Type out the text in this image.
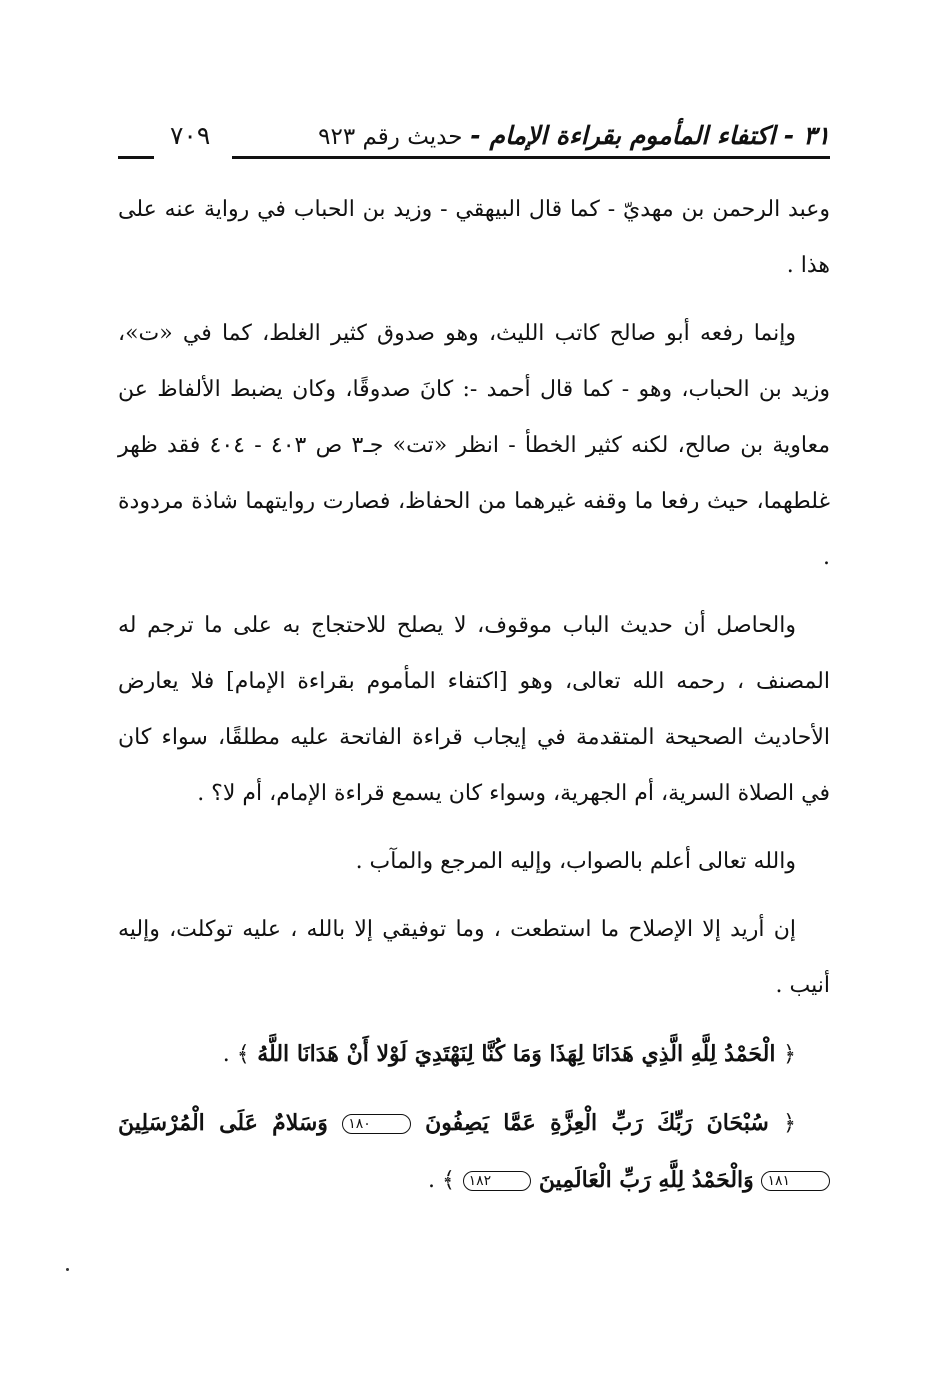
٣١ - اكتفاء المأموم بقراءة الإمام - حديث رقم ٩٢٣
٧٠٩

وعبد الرحمن بن مهديّ - كما قال البيهقي - وزيد بن الحباب في رواية عنه على هذا .

وإنما رفعه أبو صالح كاتب الليث، وهو صدوق كثير الغلط، كما في «ت»، وزيد بن الحباب، وهو - كما قال أحمد -: كانَ صدوقًا، وكان يضبط الألفاظ عن معاوية بن صالح، لكنه كثير الخطأ - انظر «تت» جـ٣ ص ٤٠٣ - ٤٠٤ فقد ظهر غلطهما، حيث رفعا ما وقفه غيرهما من الحفاظ، فصارت روايتهما شاذة مردودة .

والحاصل أن حديث الباب موقوف، لا يصلح للاحتجاج به على ما ترجم له المصنف ، رحمه الله تعالى، وهو [اكتفاء المأموم بقراءة الإمام] فلا يعارض الأحاديث الصحيحة المتقدمة في إيجاب قراءة الفاتحة عليه مطلقًا، سواء كان في الصلاة السرية، أم الجهرية، وسواء كان يسمع قراءة الإمام، أم لا؟ .

والله تعالى أعلم بالصواب، وإليه المرجع والمآب .

إن أريد إلا الإصلاح ما استطعت ، وما توفيقي إلا بالله ، عليه توكلت، وإليه أنيب .

﴿ الْحَمْدُ لِلَّهِ الَّذِي هَدَانَا لِهَذَا وَمَا كُنَّا لِنَهْتَدِيَ لَوْلا أَنْ هَدَانَا اللَّهُ ﴾ .

﴿ سُبْحَانَ رَبِّكَ رَبِّ الْعِزَّةِ عَمَّا يَصِفُونَ ١٨٠ وَسَلامٌ عَلَى الْمُرْسَلِينَ ١٨١ وَالْحَمْدُ لِلَّهِ رَبِّ الْعَالَمِينَ ١٨٢ ﴾ .
